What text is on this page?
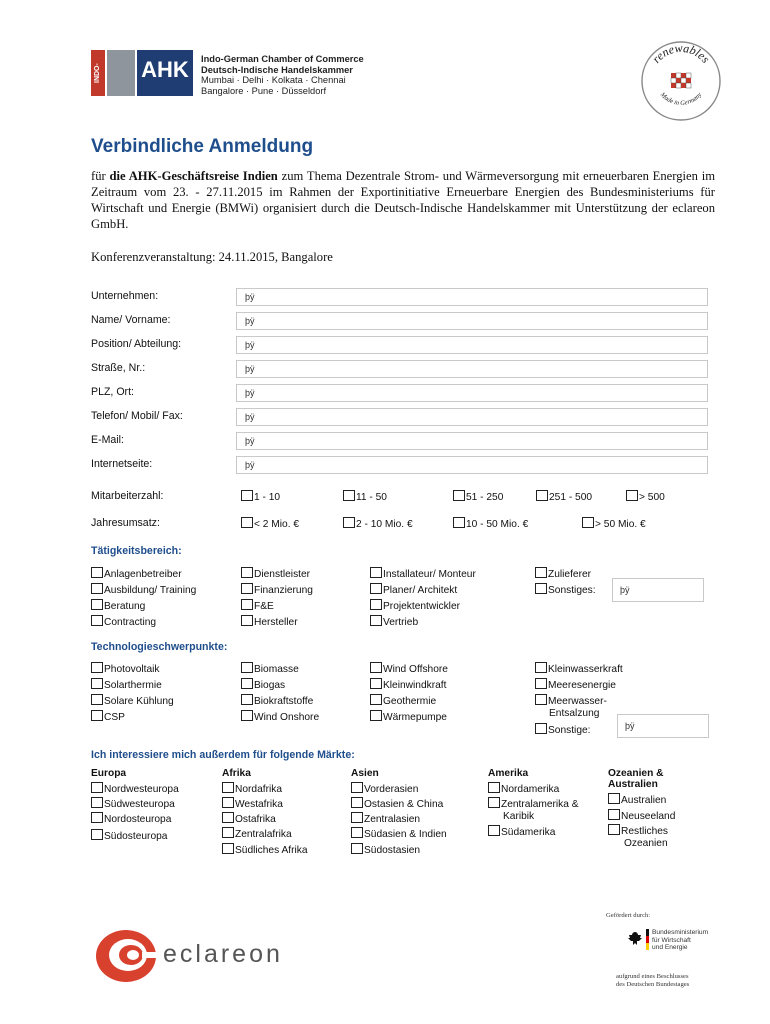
INDO- AHK	Indo-German Chamber of Commerce
Deutsch-Indische Handelskammer
Mumbai · Delhi · Kolkata · Chennai
Bangalore · Pune · Düsseldorf
renewables
Made in Germany
Verbindliche Anmeldung
für die AHK-Geschäftsreise Indien zum Thema Dezentrale Strom- und Wärmeversorgung mit erneuerbaren Energien im Zeitraum vom 23. - 27.11.2015 im Rahmen der Exportinitiative Erneuerbare Energien des Bundesministeriums für Wirtschaft und Energie (BMWi) organisiert durch die Deutsch-Indische Handelskammer mit Unterstützung der eclareon GmbH.
Konferenzveranstaltung: 24.11.2015, Bangalore
Unternehmen:	þÿ
Name/ Vorname:	þÿ
Position/ Abteilung:	þÿ
Straße, Nr.:	þÿ
PLZ, Ort:	þÿ
Telefon/ Mobil/ Fax:	þÿ
E-Mail:	þÿ
Internetseite:	þÿ
Mitarbeiterzahl:	1 - 10	11 - 50	51 - 250	251 - 500	> 500
Jahresumsatz:	< 2 Mio. €	2 - 10 Mio. €	10 - 50 Mio. €	> 50 Mio. €
Tätigkeitsbereich:
Anlagenbetreiber
Ausbildung/ Training
Beratung
Contracting
Dienstleister
Finanzierung
F&E
Hersteller
Installateur/ Monteur
Planer/ Architekt
Projektentwickler
Vertrieb
Zulieferer
Sonstiges:	þÿ
Technologieschwerpunkte:
Photovoltaik
Solarthermie
Solare Kühlung
CSP
Biomasse
Biogas
Biokraftstoffe
Wind Onshore
Wind Offshore
Kleinwindkraft
Geothermie
Wärmepumpe
Kleinwasserkraft
Meeresenergie
Meerwasser-
Entsalzung
Sonstige:	þÿ
Ich interessiere mich außerdem für folgende Märkte:
Europa
Nordwesteuropa
Südwesteuropa
Nordosteuropa
Südosteuropa
Afrika
Nordafrika
Westafrika
Ostafrika
Zentralafrika
Südliches Afrika
Asien
Vorderasien
Ostasien & China
Zentralasien
Südasien & Indien
Südostasien
Amerika
Nordamerika
Zentralamerika &
Karibik
Südamerika
Ozeanien &
Australien
Australien
Neuseeland
Restliches
Ozeanien
eclareon
Gefördert durch:
Bundesministerium
für Wirtschaft
und Energie
aufgrund eines Beschlusses
des Deutschen Bundestages
